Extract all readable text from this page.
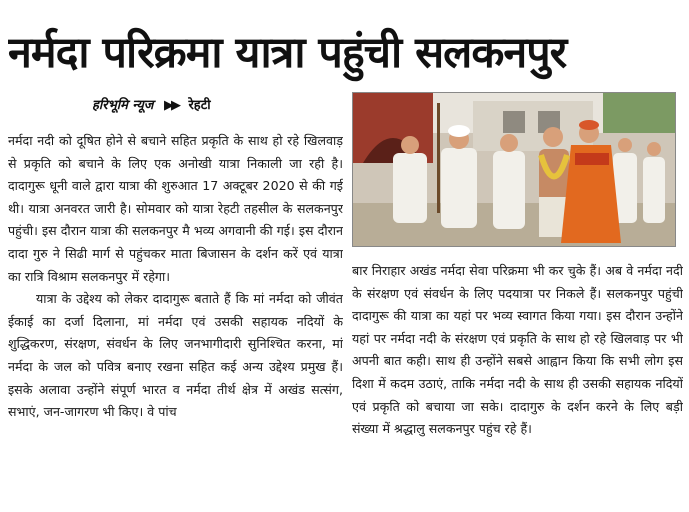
नर्मदा परिक्रमा यात्रा पहुंची सलकनपुर
हरिभूमि न्यूज ▶▶ रेहटी

नर्मदा नदी को दूषित होने से बचाने सहित प्रकृति के साथ हो रहे खिलवाड़ से प्रकृति को बचाने के लिए एक अनोखी यात्रा निकाली जा रही है। दादागुरू धूनी वाले द्वारा यात्रा की शुरुआत 17 अक्टूबर 2020 से की गई थी। यात्रा अनवरत जारी है। सोमवार को यात्रा रेहटी तहसील के सलकनपुर पहुंची। इस दौरान यात्रा की सलकनपुर मै भव्य अगवानी की गई। इस दौरान दादा गुरु ने सिढी मार्ग से पहुंचकर माता बिजासन के दर्शन करें एवं यात्रा का रात्रि विश्राम सलकनपुर में रहेगा।

यात्रा के उद्देश्य को लेकर दादागुरू बताते हैं कि मां नर्मदा को जीवंत ईकाई का दर्जा दिलाना, मां नर्मदा एवं उसकी सहायक नदियों के शुद्धिकरण, संरक्षण, संवर्धन के लिए जनभागीदारी सुनिश्चित करना, मां नर्मदा के जल को पवित्र बनाए रखना सहित कई अन्य उद्देश्य प्रमुख हैं। इसके अलावा उन्होंने संपूर्ण भारत व नर्मदा तीर्थ क्षेत्र में अखंड सत्संग, सभाएं, जन-जागरण भी किए। वे पांच

बार निराहार अखंड नर्मदा सेवा परिक्रमा भी कर चुके हैं। अब वे नर्मदा नदी के संरक्षण एवं संवर्धन के लिए पदयात्रा पर निकले हैं। सलकनपुर पहुंची दादागुरू की यात्रा का यहां पर भव्य स्वागत किया गया। इस दौरान उन्होंने यहां पर नर्मदा नदी के संरक्षण एवं प्रकृति के साथ हो रहे खिलवाड़ पर भी अपनी बात कही। साथ ही उन्होंने सबसे आह्वान किया कि सभी लोग इस दिशा में कदम उठाएं, ताकि नर्मदा नदी के साथ ही उसकी सहायक नदियों एवं प्रकृति को बचाया जा सके। दादागुरु के दर्शन करने के लिए बड़ी संख्या में श्रद्धालु सलकनपुर पहुंच रहे हैं।
